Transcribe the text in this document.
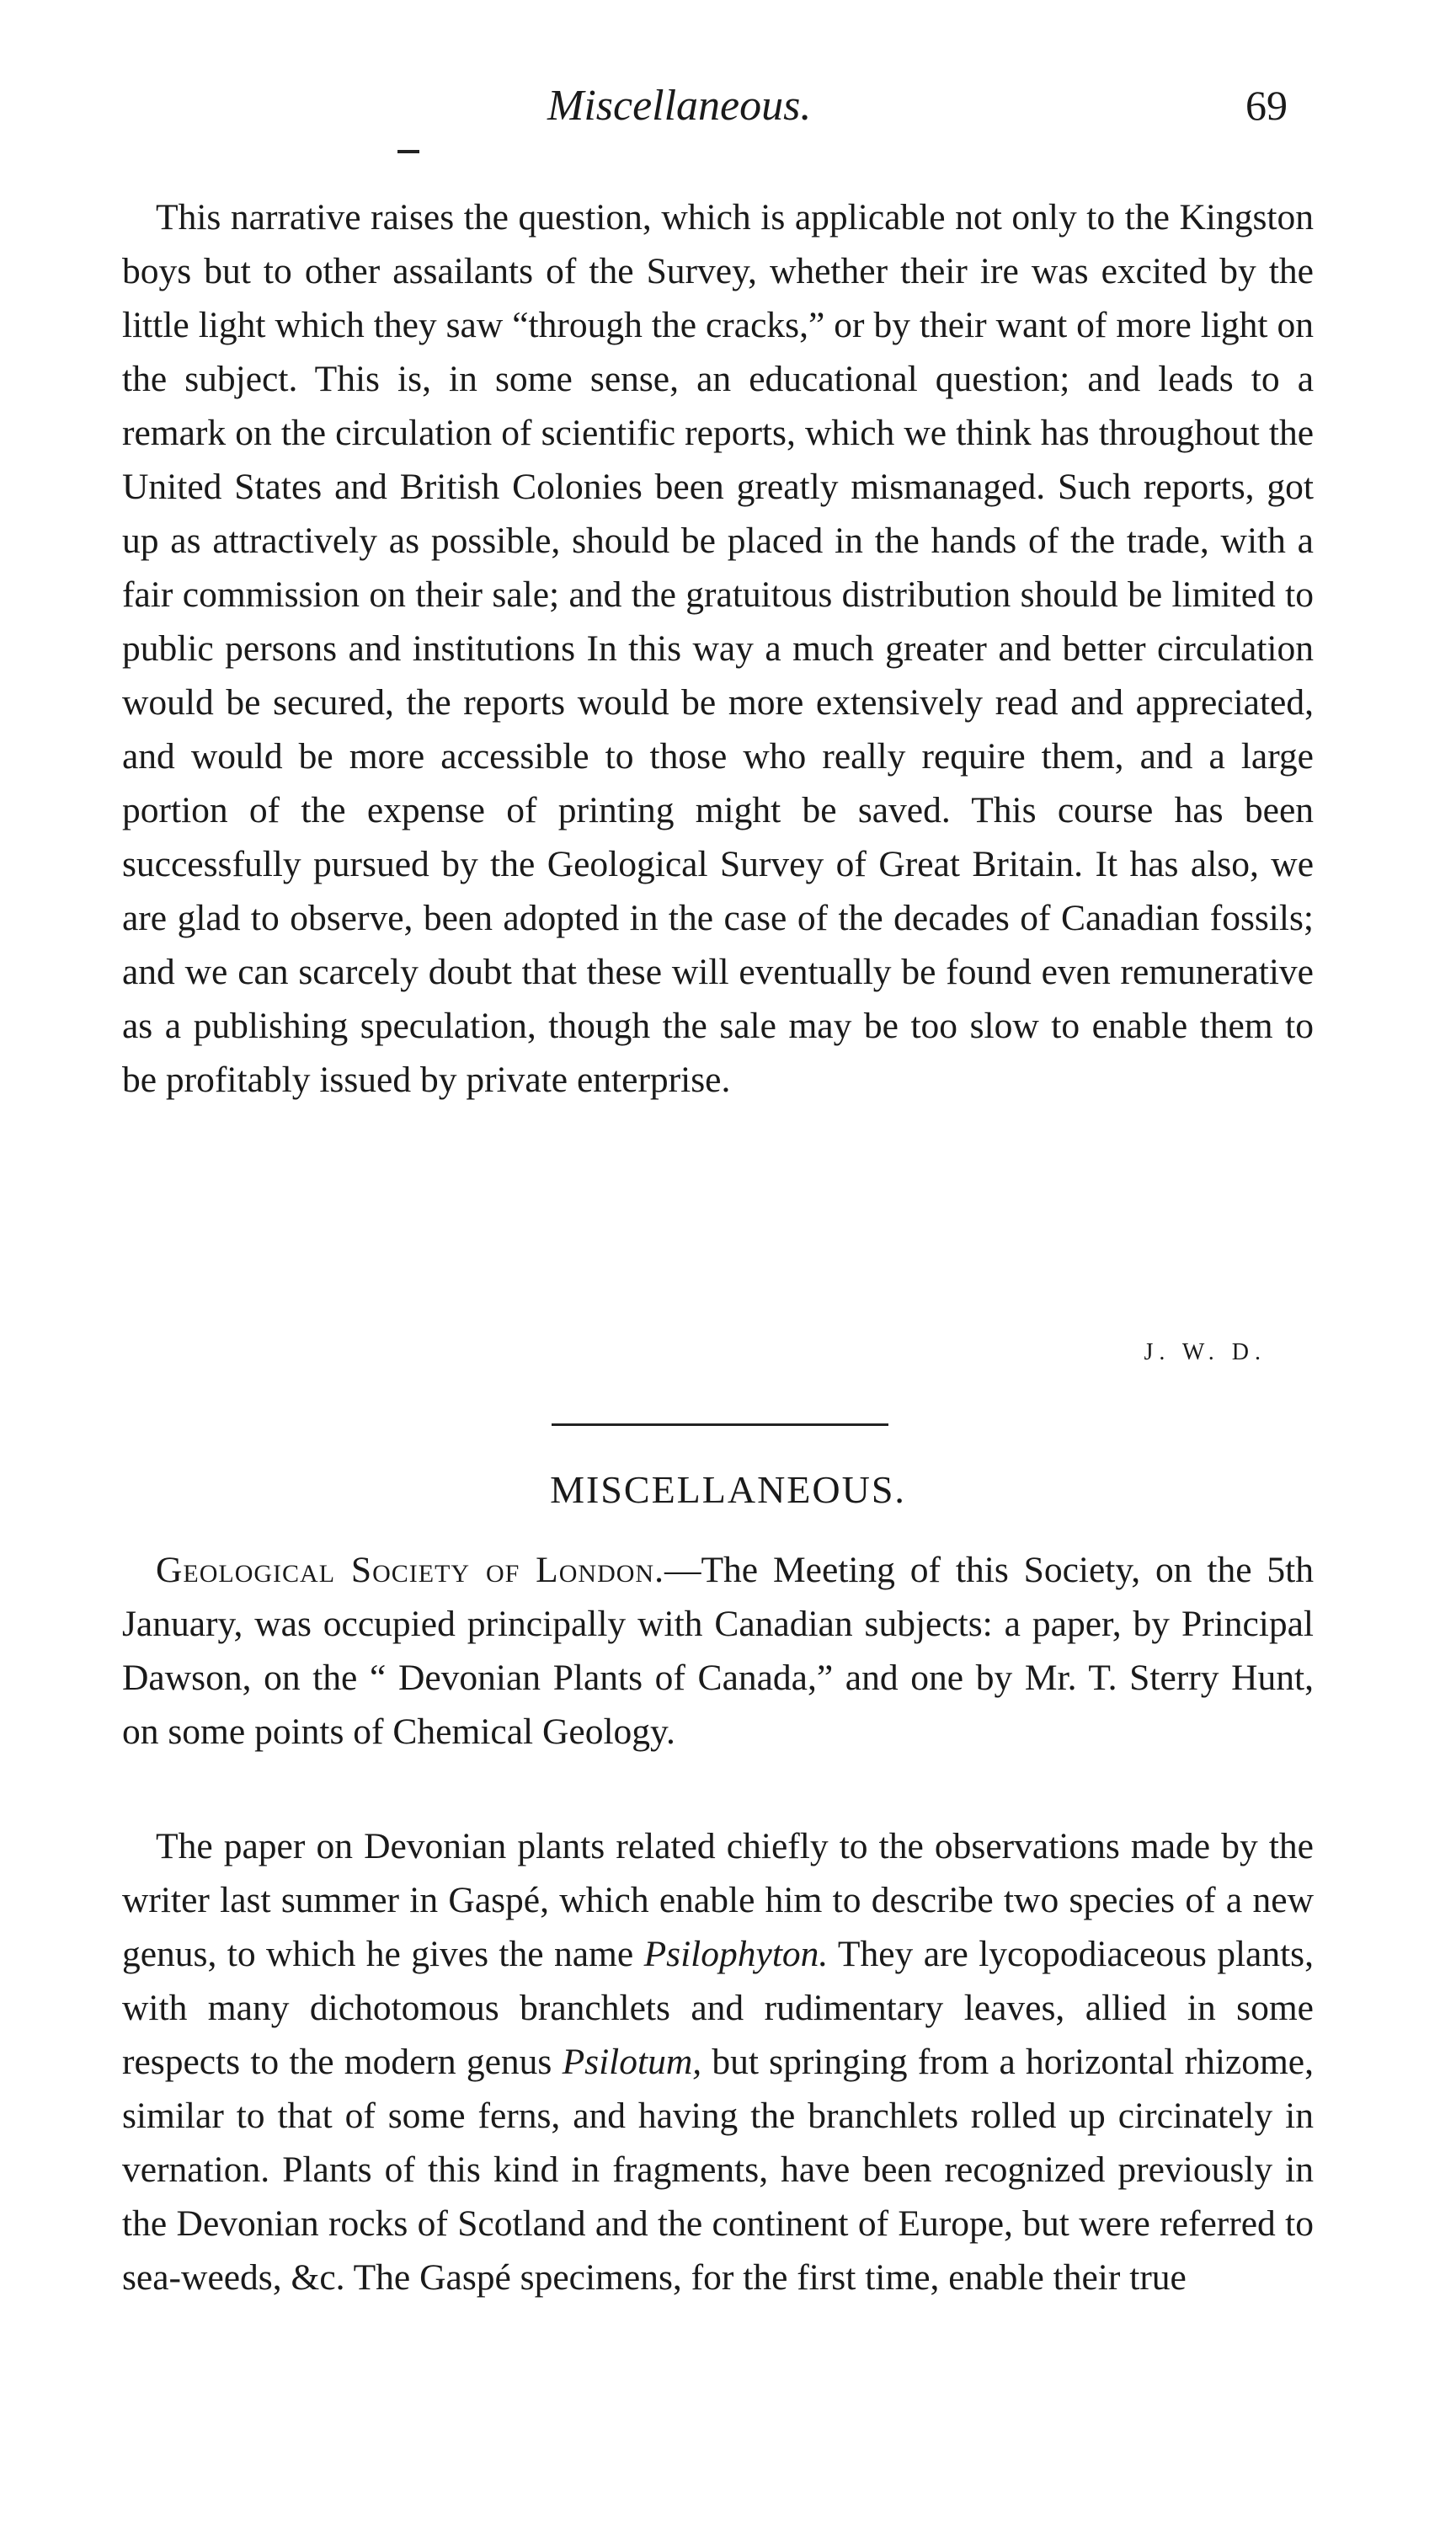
Miscellaneous.	69

This narrative raises the question, which is applicable not only to the Kingston boys but to other assailants of the Survey, whether their ire was excited by the little light which they saw “through the cracks,” or by their want of more light on the subject. This is, in some sense, an educational question; and leads to a remark on the circulation of scientific reports, which we think has throughout the United States and British Colonies been greatly mismanaged. Such reports, got up as attractively as possible, should be placed in the hands of the trade, with a fair commission on their sale; and the gratuitous distribution should be limited to public persons and institutions In this way a much greater and better circulation would be secured, the reports would be more extensively read and appreciated, and would be more accessible to those who really require them, and a large portion of the expense of printing might be saved. This course has been successfully pursued by the Geological Survey of Great Britain. It has also, we are glad to observe, been adopted in the case of the decades of Canadian fossils; and we can scarcely doubt that these will eventually be found even remunerative as a publishing speculation, though the sale may be too slow to enable them to be profitably issued by private enterprise.

J. W. D.
MISCELLANEOUS.

Geological Society of London.—The Meeting of this Society, on the 5th January, was occupied principally with Canadian subjects: a paper, by Principal Dawson, on the “ Devonian Plants of Canada,” and one by Mr. T. Sterry Hunt, on some points of Chemical Geology.

The paper on Devonian plants related chiefly to the observations made by the writer last summer in Gaspé, which enable him to describe two species of a new genus, to which he gives the name Psilophyton. They are lycopodiaceous plants, with many dichotomous branchlets and rudimentary leaves, allied in some respects to the modern genus Psilotum, but springing from a horizontal rhizome, similar to that of some ferns, and having the branchlets rolled up circinately in vernation. Plants of this kind in fragments, have been recognized previously in the Devonian rocks of Scotland and the continent of Europe, but were referred to sea-weeds, &c. The Gaspé specimens, for the first time, enable their true
